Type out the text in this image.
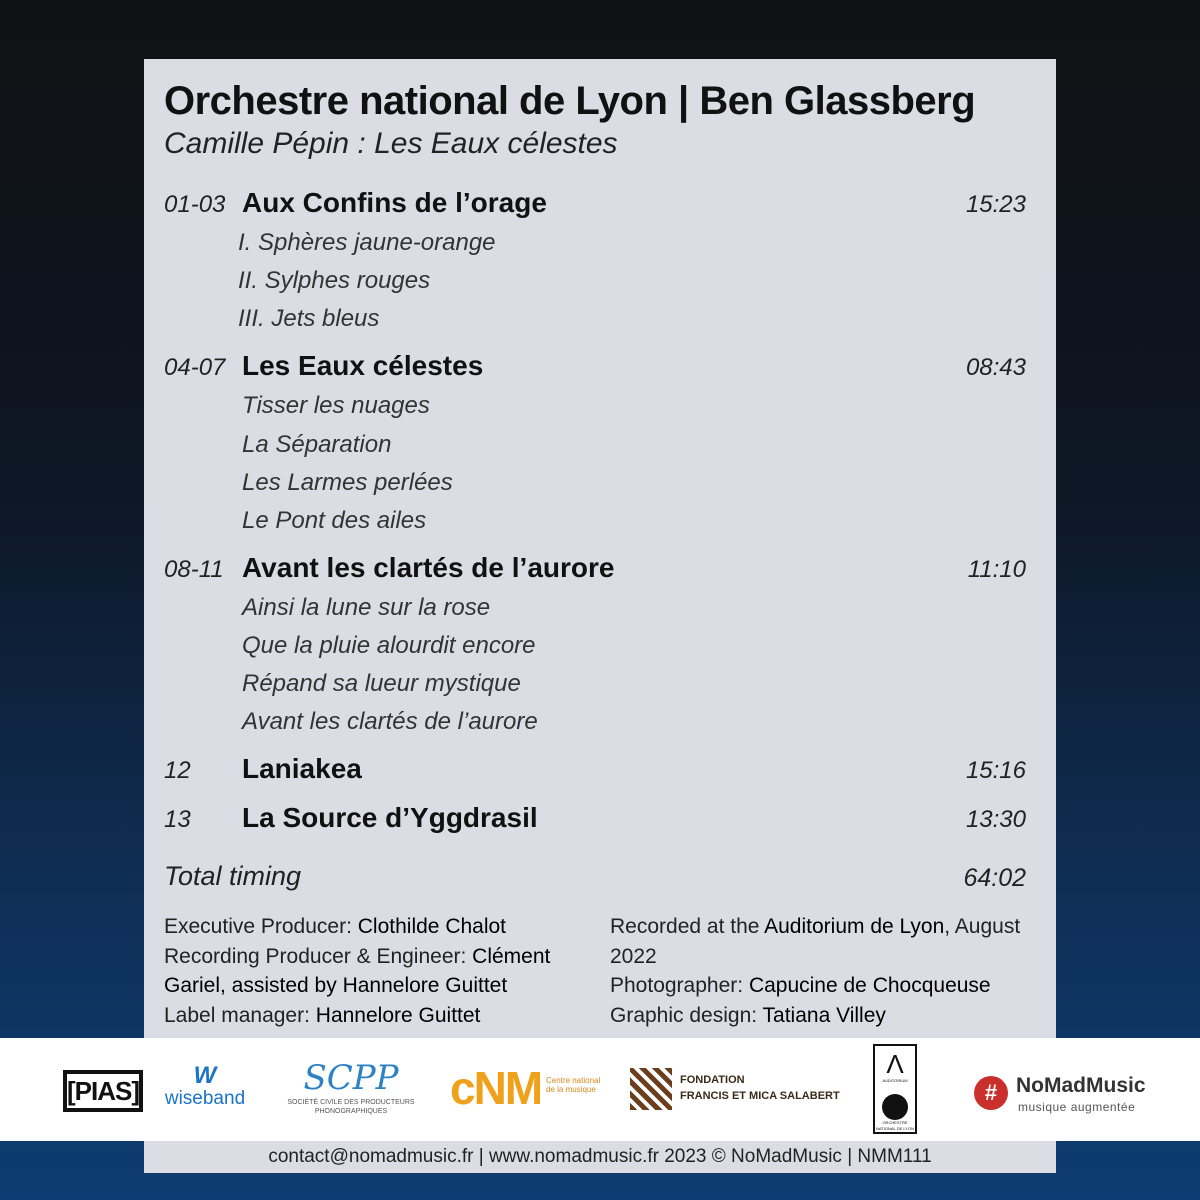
Orchestre national de Lyon | Ben Glassberg
Camille Pépin : Les Eaux célestes
01-03 Aux Confins de l’orage	15:23
I. Sphères jaune-orange
II. Sylphes rouges
III. Jets bleus
04-07 Les Eaux célestes	08:43
Tisser les nuages
La Séparation
Les Larmes perlées
Le Pont des ailes
08-11 Avant les clartés de l’aurore	11:10
Ainsi la lune sur la rose
Que la pluie alourdit encore
Répand sa lueur mystique
Avant les clartés de l’aurore
12 Laniakea	15:16
13 La Source d’Yggdrasil	13:30
Total timing	64:02
Executive Producer: Clothilde Chalot
Recording Producer & Engineer: Clément Gariel, assisted by Hannelore Guittet
Label manager: Hannelore Guittet
Recorded at the Auditorium de Lyon, August 2022
Photographer: Capucine de Chocqueuse
Graphic design: Tatiana Villey
[PIAS]
W
wiseband
SCPP
SOCIÉTÉ CIVILE DES PRODUCTEURS PHONOGRAPHIQUES	cNM Centre national de la musique
FONDATION
FRANCIS ET MICA SALABERT
Λ
AUDITORIUM
ORCHESTRE NATIONAL DE LYON
# NoMadMusic
musique augmentée
contact@nomadmusic.fr | www.nomadmusic.fr 2023 © NoMadMusic | NMM111
